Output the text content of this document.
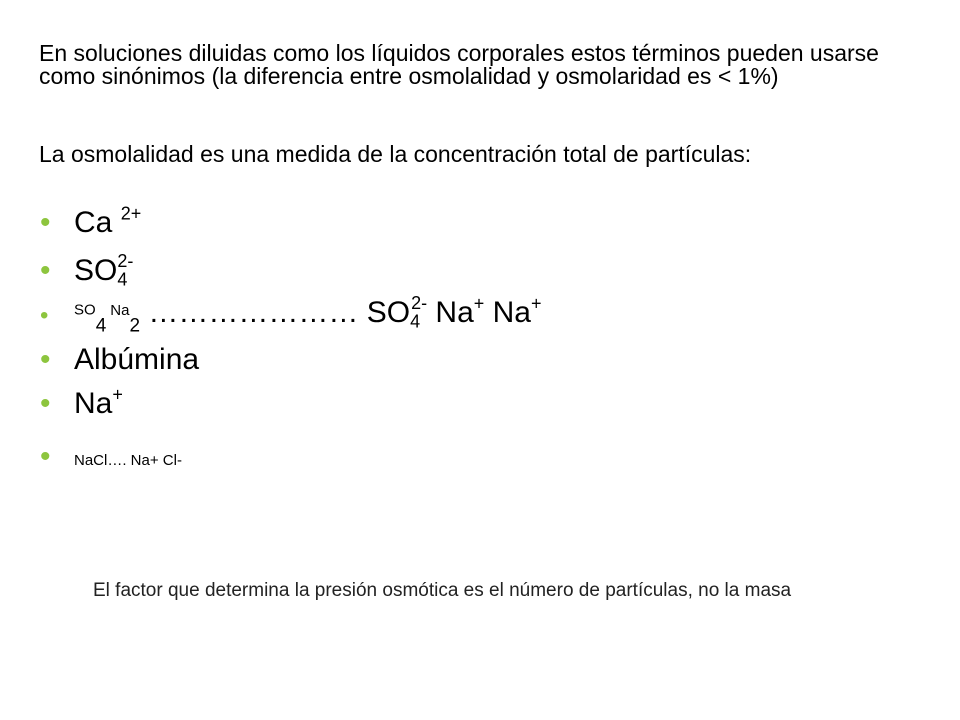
En soluciones diluidas como los líquidos corporales estos términos pueden usarse como sinónimos (la diferencia entre osmolalidad y osmolaridad es < 1%)

La osmolalidad es una medida de la concentración total de partículas:

• Ca $^{2+}$
• $SO_4^{2-}$
• $^{SO}_4^{Na}_2$ ………………… $SO_4^{2-}$ Na+ Na+
• Albúmina
• Na+
• NaCl…. Na+ Cl-
El factor que determina la presión osmótica es el número de partículas, no la masa
